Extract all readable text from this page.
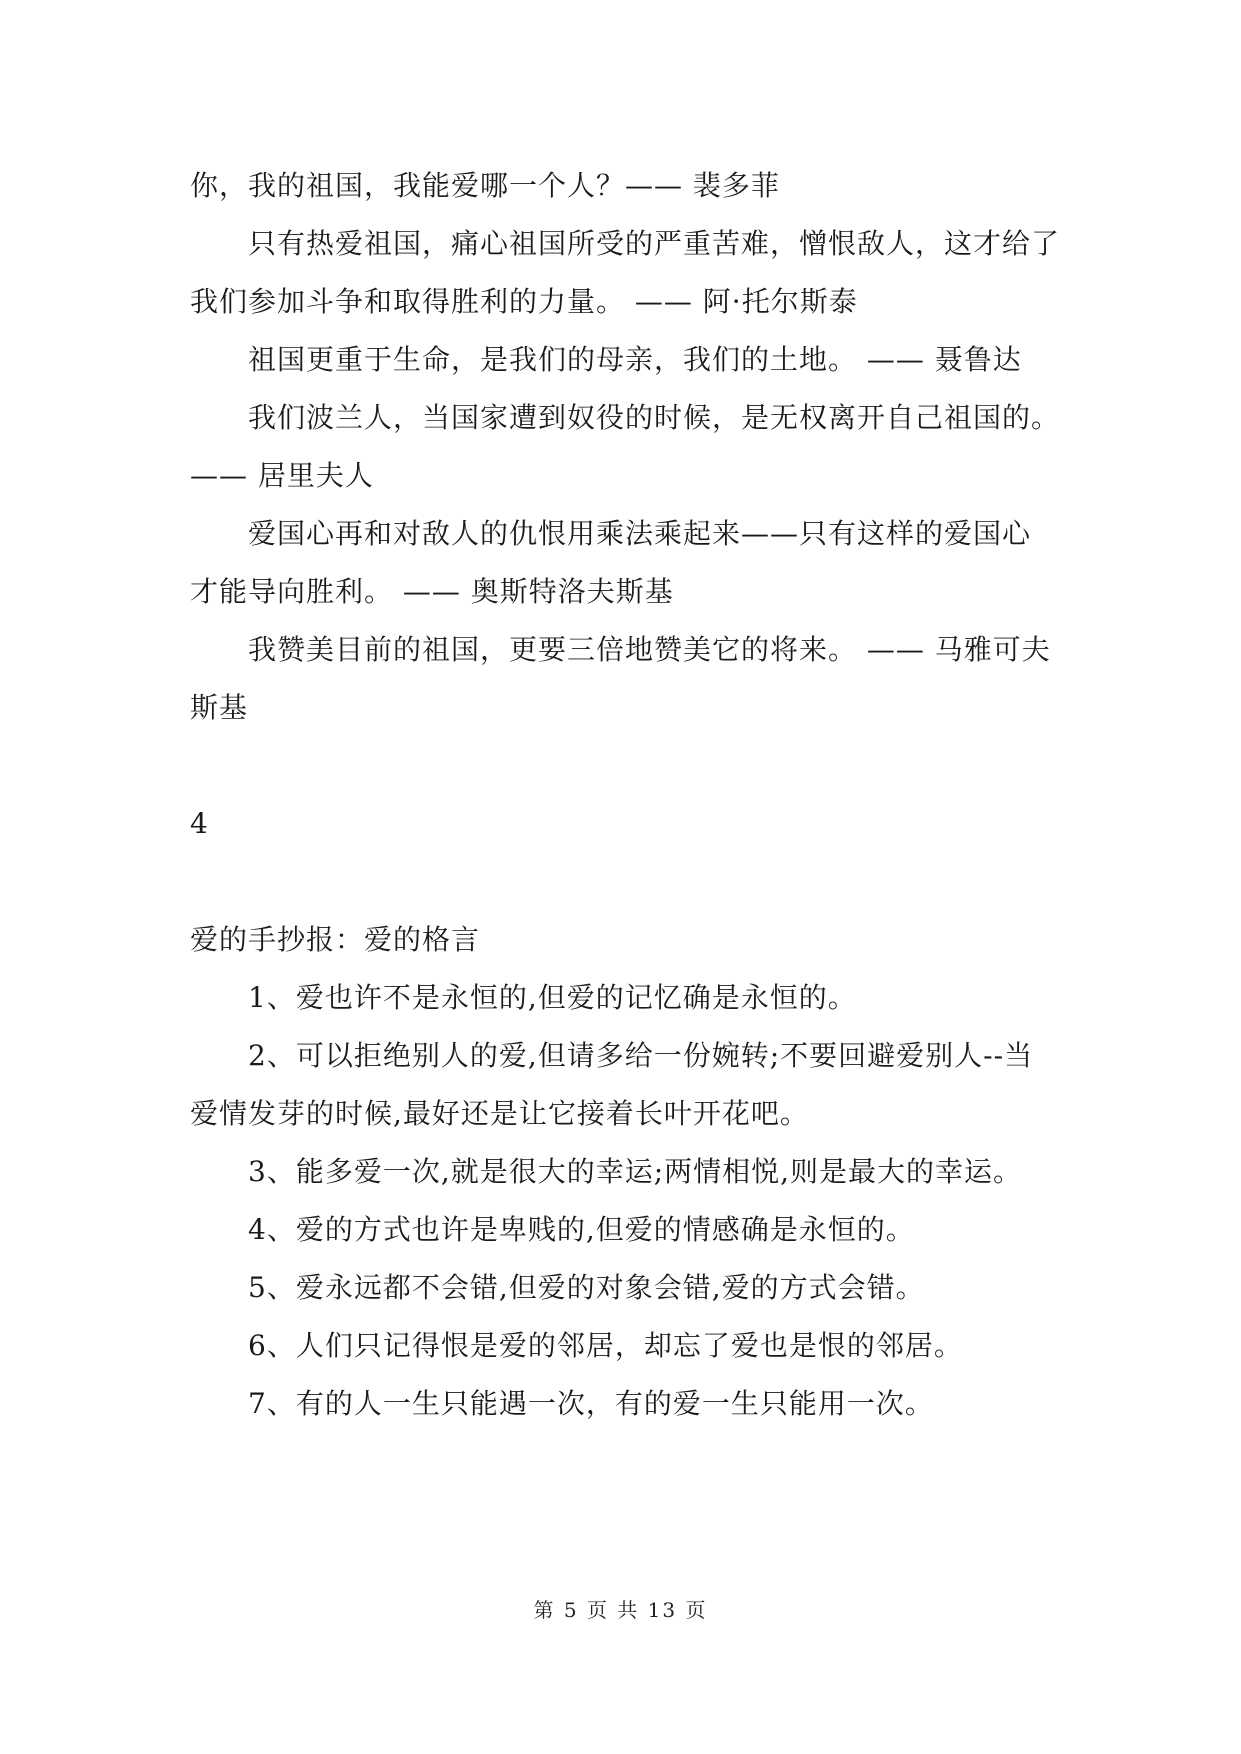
你，我的祖国，我能爱哪一个人？—— 裴多菲
只有热爱祖国，痛心祖国所受的严重苦难，憎恨敌人，这才给了
我们参加斗争和取得胜利的力量。 —— 阿·托尔斯泰
祖国更重于生命，是我们的母亲，我们的土地。 —— 聂鲁达
我们波兰人，当国家遭到奴役的时候，是无权离开自己祖国的。
—— 居里夫人
爱国心再和对敌人的仇恨用乘法乘起来——只有这样的爱国心
才能导向胜利。 —— 奥斯特洛夫斯基
我赞美目前的祖国，更要三倍地赞美它的将来。 —— 马雅可夫
斯基
4
爱的手抄报：爱的格言
1、爱也许不是永恒的,但爱的记忆确是永恒的。
2、可以拒绝别人的爱,但请多给一份婉转;不要回避爱别人--当
爱情发芽的时候,最好还是让它接着长叶开花吧。
3、能多爱一次,就是很大的幸运;两情相悦,则是最大的幸运。
4、爱的方式也许是卑贱的,但爱的情感确是永恒的。
5、爱永远都不会错,但爱的对象会错,爱的方式会错。
6、人们只记得恨是爱的邻居，却忘了爱也是恨的邻居。
7、有的人一生只能遇一次，有的爱一生只能用一次。
第 5 页 共 13 页
